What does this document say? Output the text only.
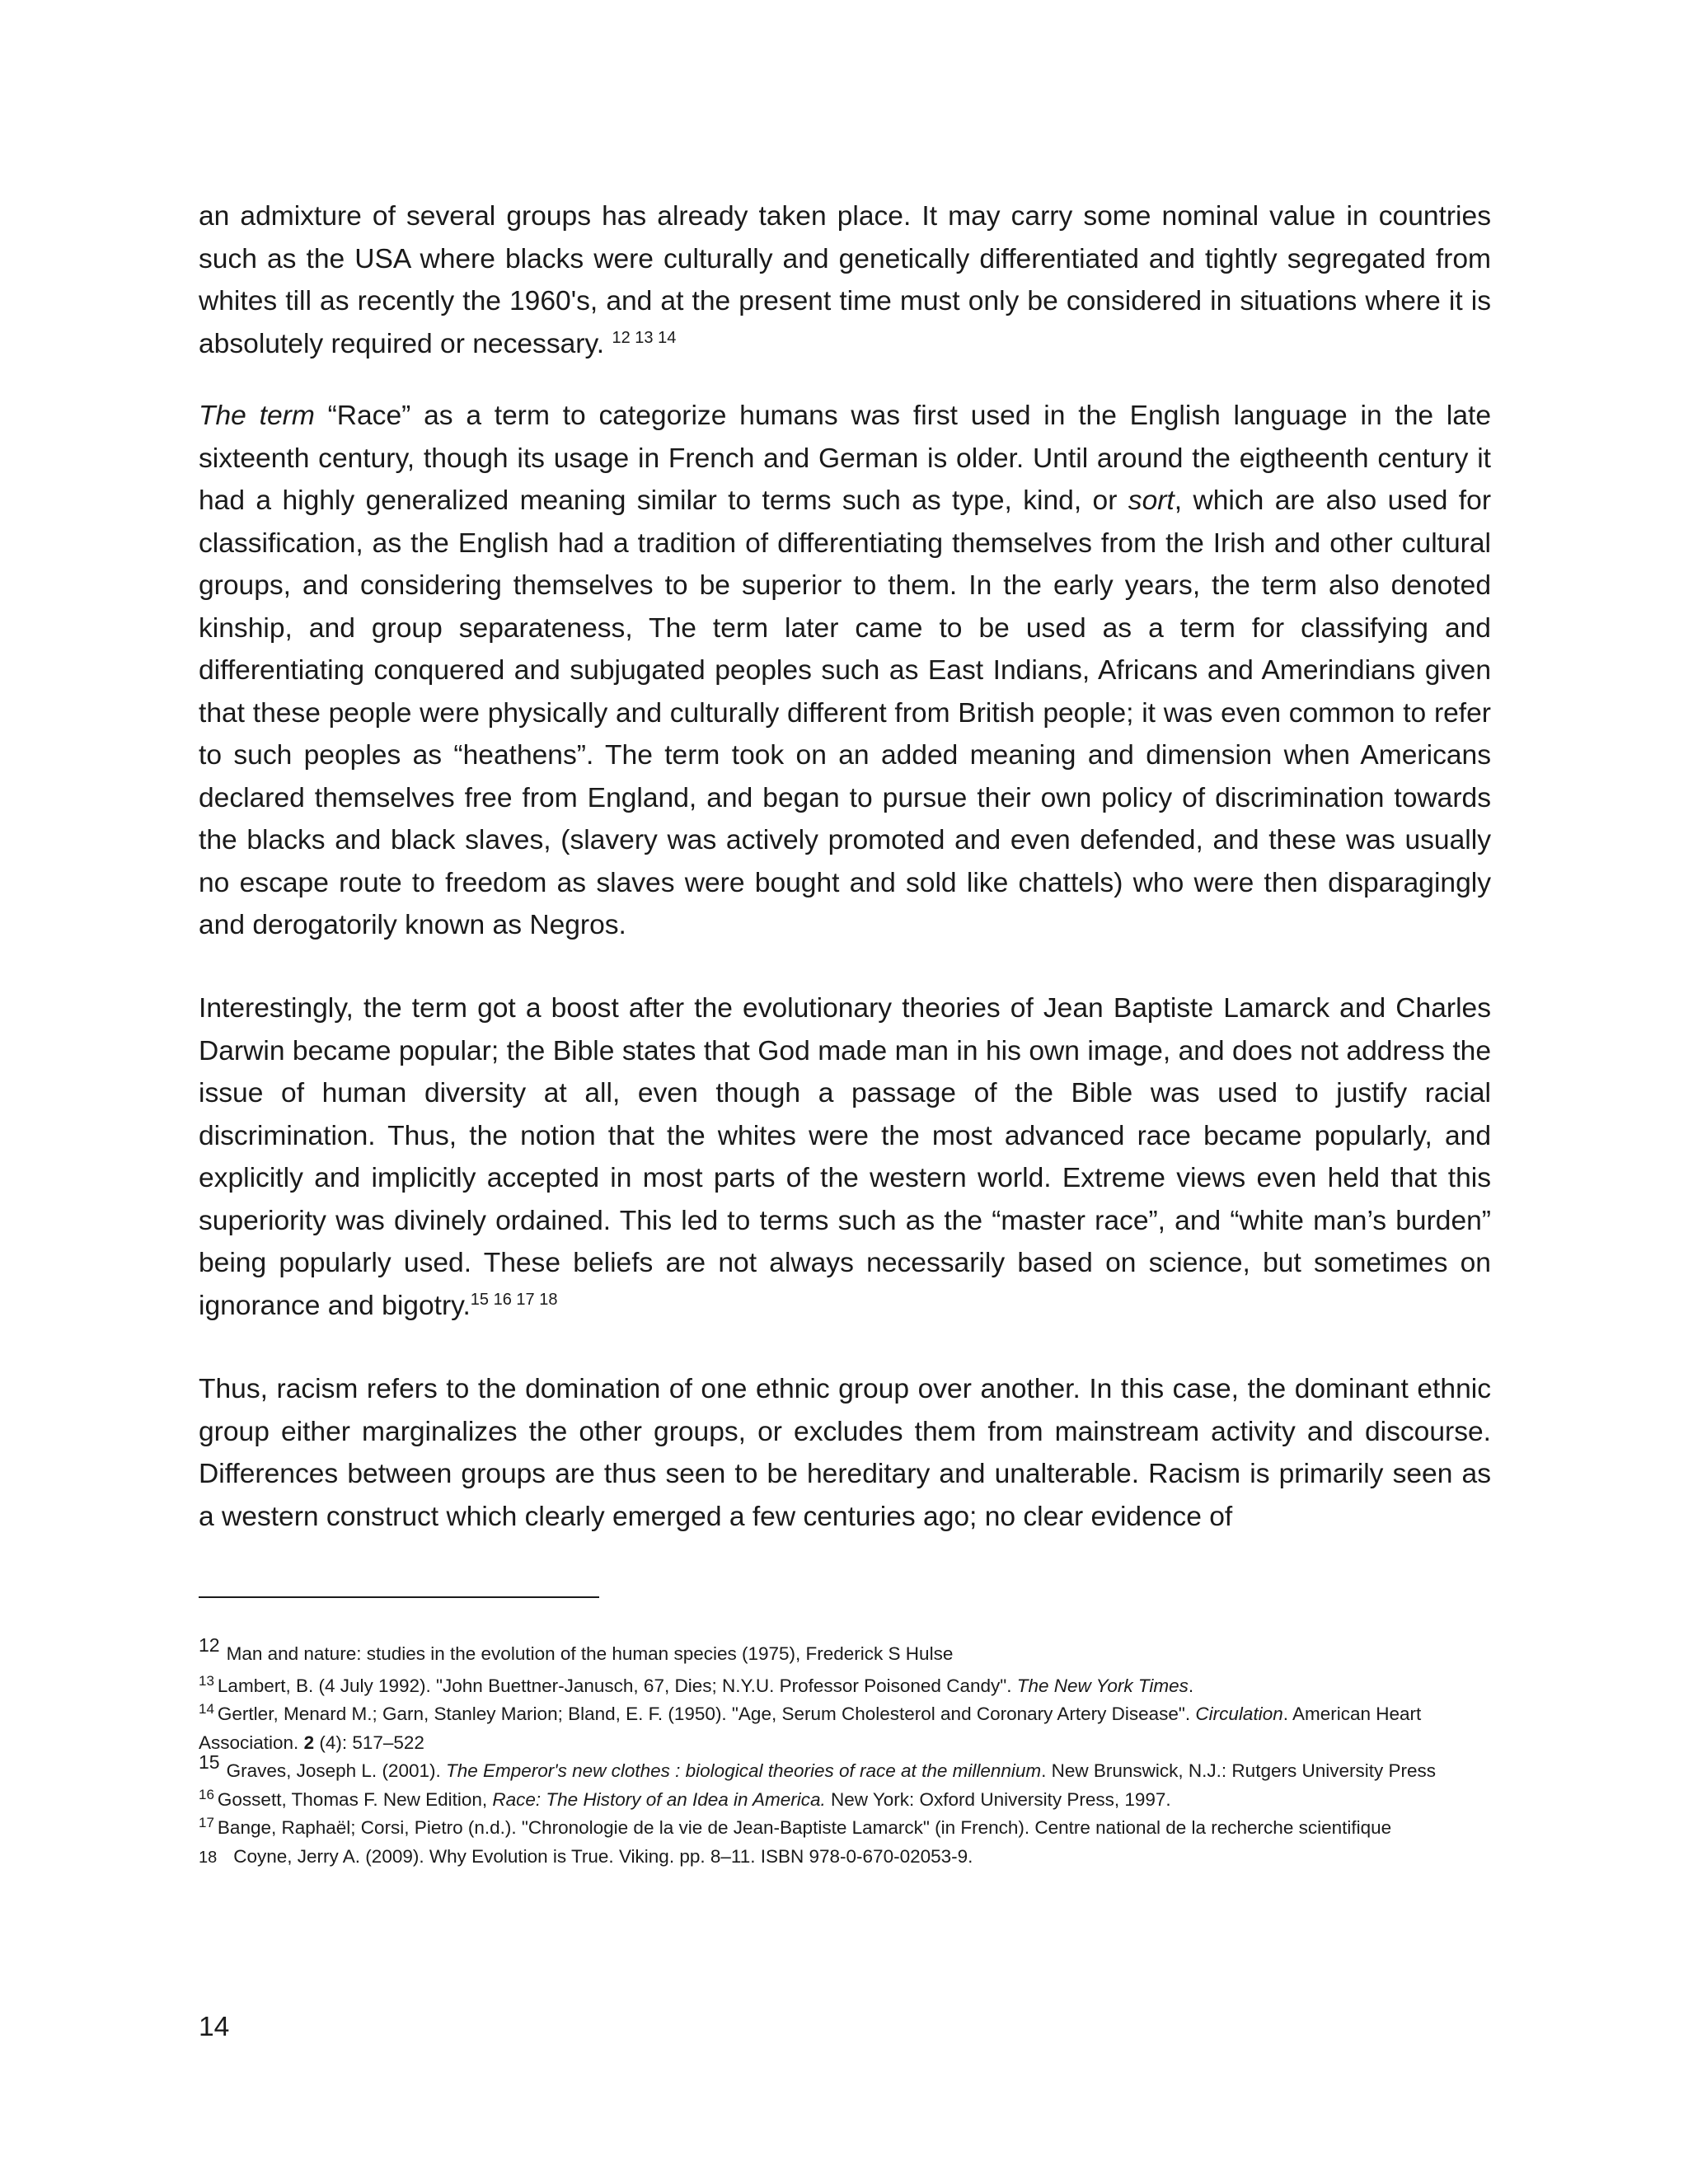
an admixture of several groups has already taken place. It may carry some nominal value in countries such as the USA where blacks were culturally and genetically differentiated and tightly segregated from whites till as recently the 1960's, and at the present time must only be considered in situations where it is absolutely required or necessary. $^{12 13 14}$

The term “Race” as a term to categorize humans was first used in the English language in the late sixteenth century, though its usage in French and German is older. Until around the eigtheenth century it had a highly generalized meaning similar to terms such as type, kind, or sort, which are also used for classification, as the English had a tradition of differentiating themselves from the Irish and other cultural groups, and considering themselves to be superior to them. In the early years, the term also denoted kinship, and group separateness, The term later came to be used as a term for classifying and differentiating conquered and subjugated peoples such as East Indians, Africans and Amerindians given that these people were physically and culturally different from British people; it was even common to refer to such peoples as “heathens”. The term took on an added meaning and dimension when Americans declared themselves free from England, and began to pursue their own policy of discrimination towards the blacks and black slaves, (slavery was actively promoted and even defended, and these was usually no escape route to freedom as slaves were bought and sold like chattels) who were then disparagingly and derogatorily known as Negros.

Interestingly, the term got a boost after the evolutionary theories of Jean Baptiste Lamarck and Charles Darwin became popular; the Bible states that God made man in his own image, and does not address the issue of human diversity at all, even though a passage of the Bible was used to justify racial discrimination. Thus, the notion that the whites were the most advanced race became popularly, and explicitly and implicitly accepted in most parts of the western world. Extreme views even held that this superiority was divinely ordained. This led to terms such as the “master race”, and “white man’s burden” being popularly used. These beliefs are not always necessarily based on science, but sometimes on ignorance and bigotry.$^{15 16 17 18}$

Thus, racism refers to the domination of one ethnic group over another. In this case, the dominant ethnic group either marginalizes the other groups, or excludes them from mainstream activity and discourse. Differences between groups are thus seen to be hereditary and unalterable. Racism is primarily seen as a western construct which clearly emerged a few centuries ago; no clear evidence of

12 Man and nature: studies in the evolution of the human species (1975), Frederick S Hulse

$^{13}$ Lambert, B. (4 July 1992). "John Buettner-Janusch, 67, Dies; N.Y.U. Professor Poisoned Candy". The New York Times.

$^{14}$ Gertler, Menard M.; Garn, Stanley Marion; Bland, E. F. (1950). "Age, Serum Cholesterol and Coronary Artery Disease". Circulation. American Heart Association. 2 (4): 517–522

15 Graves, Joseph L. (2001). The Emperor's new clothes : biological theories of race at the millennium. New Brunswick, N.J.: Rutgers University Press

$^{16}$ Gossett, Thomas F. New Edition, Race: The History of an Idea in America. New York: Oxford University Press, 1997.

$^{17}$ Bange, Raphaël; Corsi, Pietro (n.d.). "Chronologie de la vie de Jean-Baptiste Lamarck" (in French). Centre national de la recherche scientifique

18 Coyne, Jerry A. (2009). Why Evolution is True. Viking. pp. 8–11. ISBN 978-0-670-02053-9.

14
